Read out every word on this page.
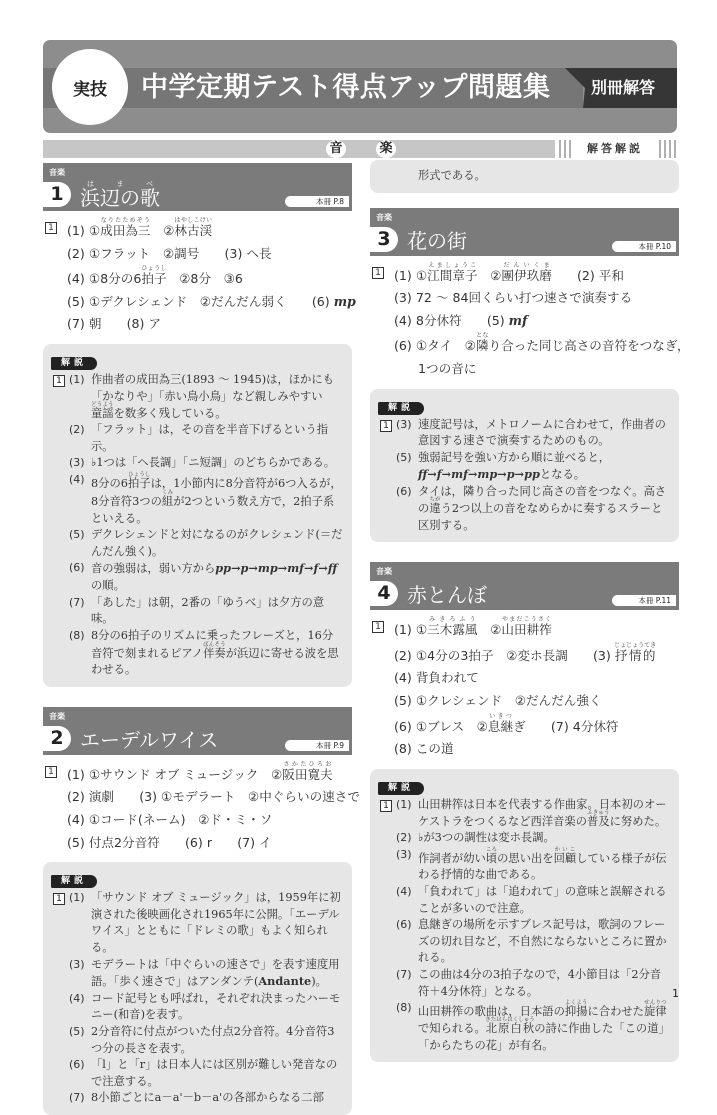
実技	中学定期テスト得点アップ問題集	別冊解答
音	楽	解答解説
音楽
1 浜辺の歌はまべ
本冊 P.8
1	(1) ①成田為三なりたためぞう　②林古渓はやしこけい
(2) ①フラット　②調号　　(3) ヘ長
(4) ①8分の6拍子ひょうし　②8分　③6
(5) ①デクレシェンド　②だんだん弱く　　(6) mp
(7) 朝　　(8) ア
解説
1 (1) 作曲者の成田為三(1893 ～ 1945)は，ほかにも「かなりや」「赤い鳥小鳥」など親しみやすい童謡どうようを数多く残している。
(2) 「フラット」は，その音を半音下げるという指示。
(3) ♭1つは「ヘ長調」「ニ短調」のどちらかである。
(4) 8分の6拍子ひょうしは，1小節内に8分音符が6つ入るが，8分音符3つの組くみが2つという数え方で，2拍子系といえる。
(5) デクレシェンドと対になるのがクレシェンド(＝だんだん強く)。
(6) 音の強弱は，弱い方からpp→p→mp→mf→f→ffの順。
(7) 「あした」は朝，2番の「ゆうべ」は夕方の意味。
(8) 8分の6拍子のリズムに乗ったフレーズと，16分音符で刻まれるピアノ伴奏ばんそうが浜辺に寄せる波を思わせる。
音楽
2 エーデルワイス	本冊 P.9
1	(1) ①サウンド オブ ミュージック　②阪田寛夫さかたひろお
(2) 演劇　　(3) ①モデラート　②中ぐらいの速さで
(4) ①コード(ネーム)　②ド・ミ・ソ
(5) 付点2分音符　　(6) r　　(7) イ
解説
1 (1) 「サウンド オブ ミュージック」は，1959年に初演された後映画化され1965年に公開。「エーデルワイス」とともに「ドレミの歌」もよく知られる。
(3) モデラートは「中ぐらいの速さで」を表す速度用語。「歩く速さで」はアンダンテ(Andante)。
(4) コード記号とも呼ばれ，それぞれ決まったハーモニー(和音)を表す。
(5) 2分音符に付点がついた付点2分音符。4分音符3つ分の長さを表す。
(6) 「l」と「r」は日本人には区別が難しい発音なので注意する。
(7) 8小節ごとにa－a'－b－a'の各部からなる二部
形式である。
音楽
3 花の街	本冊 P.10
1	(1) ①江間章子えましょうこ　②團伊玖磨だんいくま　　(2) 平和
(3) 72 ～ 84回くらい打つ速さで演奏する
(4) 8分休符　　(5) mf
(6) ①タイ　②隣となり合った同じ高さの音符をつなぎ，
1つの音に
解説
1 (3) 速度記号は，メトロノームに合わせて，作曲者の意図する速さで演奏するためのもの。
(5) 強弱記号を強い方から順に並べると，ff→f→mf→mp→p→ppとなる。
(6) タイは，隣り合った同じ高さの音をつなぐ。高さの違ちがう2つ以上の音をなめらかに奏するスラーと区別する。
音楽
4 赤とんぼ	本冊 P.11
1	(1) ①三木露風みきろふう　②山田耕筰やまだこうさく
(2) ①4分の3拍子　②変ホ長調　　(3) 抒情的じょじょうてき
(4) 背負われて
(5) ①クレシェンド　②だんだん強く
(6) ①ブレス　②息継いきつぎ　　(7) 4分休符
(8) この道
解説
1 (1) 山田耕筰は日本を代表する作曲家。日本初のオーケストラをつくるなど西洋音楽の普及ふきゅうに努めた。
(2) ♭が3つの調性は変ホ長調。
(3) 作詞者が幼い頃ころの思い出を回顧かいこしている様子が伝わる抒情的な曲である。
(4) 「負われて」は「追われて」の意味と誤解されることが多いので注意。
(6) 息継ぎの場所を示すブレス記号は，歌詞のフレーズの切れ目など，不自然にならないところに置かれる。
(7) この曲は4分の3拍子なので，4小節目は「2分音符＋4分休符」となる。
(8) 山田耕筰の歌曲は，日本語の抑揚よくように合わせた旋律せんりつで知られる。北原白秋きたはらはくしゅうの詩に作曲した「この道」「からたちの花」が有名。
1
